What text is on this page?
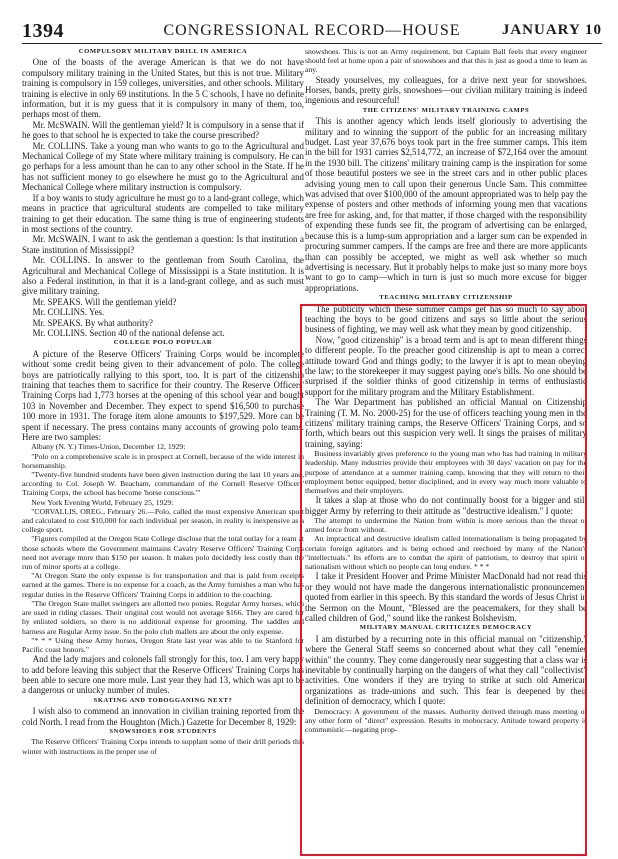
1394	CONGRESSIONAL RECORD—HOUSE	JANUARY 10

COMPULSORY MILITARY DRILL IN AMERICA

One of the boasts of the average American is that we do not have compulsory military training in the United States, but this is not true. Military training is compulsory in 159 colleges, universities, and other schools. Military training is elective in only 69 institutions. In the 5 C schools, I have no definite information, but it is my guess that it is compulsory in many of them, too, perhaps most of them.

Mr. McSWAIN. Will the gentleman yield? It is compulsory in a sense that if he goes to that school he is expected to take the course prescribed?

Mr. COLLINS. Take a young man who wants to go to the Agricultural and Mechanical College of my State where military training is compulsory. He can go perhaps for a less amount than he can to any other school in the State. If he has not sufficient money to go elsewhere he must go to the Agricultural and Mechanical College where military instruction is compulsory.

If a boy wants to study agriculture he must go to a land-grant college, which means in practice that agricultural students are compelled to take military training to get their education. The same thing is true of engineering students in most sections of the country.

Mr. McSWAIN. I want to ask the gentleman a question: Is that institution a State institution of Mississippi?

Mr. COLLINS. In answer to the gentleman from South Carolina, the Agricultural and Mechanical College of Mississippi is a State institution. It is also a Federal institution, in that it is a land-grant college, and as such must give military training.

Mr. SPEAKS. Will the gentleman yield?

Mr. COLLINS. Yes.

Mr. SPEAKS. By what authority?

Mr. COLLINS. Section 40 of the national defense act.

COLLEGE POLO POPULAR

A picture of the Reserve Officers' Training Corps would be incomplete without some credit being given to their advancement of polo. The college boys are patriotically rallying to this sport, too. It is part of the citizenship training that teaches them to sacrifice for their country. The Reserve Officers' Training Corps had 1,773 horses at the opening of this school year and bought 103 in November and December. They expect to spend $16,500 to purchase 100 more in 1931. The forage item alone amounts to $197,529. More can be spent if necessary. The press contains many accounts of growing polo teams. Here are two samples:

Albany (N. Y.) Times-Union, December 12, 1929:

"Polo on a comprehensive scale is in prospect at Cornell, because of the wide interest in horsemanship.

"Twenty-five hundred students have been given instruction during the last 10 years and, according to Col. Joseph W. Beacham, commandant of the Cornell Reserve Officers' Training Corps, the school has become 'horse conscious.'"

New York Evening World, February 25, 1929:

"CORVALLIS, OREG., February 26.—Polo, called the most expensive American sport and calculated to cost $10,000 for each individual per season, in reality is inexpensive as a college sport.

"Figures compiled at the Oregon State College disclose that the total outlay for a team at those schools where the Government maintains Cavalry Reserve Officers' Training Corps need not average more than $150 per season. It makes polo decidedly less costly than the run of minor sports at a college.

"At Oregon State the only expense is for transportation and that is paid from receipts earned at the games. There is no expense for a coach, as the Army furnishes a man who has regular duties in the Reserve Officers' Training Corps in addition to the coaching.

"The Oregon State mallet swingers are allotted two ponies. Regular Army horses, which are used in riding classes. Their original cost would not average $166. They are cared for by enlisted soldiers, so there is no additional expense for grooming. The saddles and harness are Regular Army issue. So the polo club mallets are about the only expense.

"* * * Using these Army horses, Oregon State last year was able to tie Stanford for Pacific coast honors."

And the lady majors and colonels fall strongly for this, too. I am very happy to add before leaving this subject that the Reserve Officers' Training Corps has been able to secure one more mule. Last year they had 13, which was apt to be a dangerous or unlucky number of mules.

SKATING AND TOBOGGANING NEXT?

I wish also to commend an innovation in civilian training reported from the cold North. I read from the Houghton (Mich.) Gazette for December 8, 1929:

SNOWSHOES FOR STUDENTS

The Reserve Officers' Training Corps intends to supplant some of their drill periods this winter with instructions in the proper use of

snowshoes. This is not an Army requirement, but Captain Ball feels that every engineer should feel at home upon a pair of snowshoes and that this is just as good a time to learn as any.

Steady yourselves, my colleagues, for a drive next year for snowshoes. Horses, bands, pretty girls, snowshoes—our civilian military training is indeed ingenious and resourceful!

THE CITIZENS' MILITARY TRAINING CAMPS

This is another agency which lends itself gloriously to advertising the military and to winning the support of the public for an increasing military budget. Last year 37,676 boys took part in the free summer camps. This item in the bill for 1931 carries $2,514,772, an increase of $72,164 over the amount in the 1930 bill. The citizens' military training camp is the inspiration for some of those beautiful posters we see in the street cars and in other public places advising young men to call upon their generous Uncle Sam. This committee was advised that over $100,000 of the amount appropriated was to help pay the expense of posters and other methods of informing young men that vacations are free for asking, and, for that matter, if those charged with the responsibility of expending these funds see fit, the program of advertising can be enlarged, because this is a lump-sum appropriation and a larger sum can be expended in procuring summer campers. If the camps are free and there are more applicants than can possibly be accepted, we might as well ask whether so much advertising is necessary. But it probably helps to make just so many more boys want to go to camp—which in turn is just so much more excuse for bigger appropriations.

TEACHING MILITARY CITIZENSHIP

The publicity which these summer camps get has so much to say about teaching the boys to be good citizens and says so little about the serious business of fighting, we may well ask what they mean by good citizenship.

Now, "good citizenship" is a broad term and is apt to mean different things to different people. To the preacher good citizenship is apt to mean a correct attitude toward God and things godly; to the lawyer it is apt to mean obeying the law; to the storekeeper it may suggest paying one's bills. No one should be surprised if the soldier thinks of good citizenship in terms of enthusiastic support for the military program and the Military Establishment.

The War Department has published an official Manual on Citizenship Training (T. M. No. 2000-25) for the use of officers teaching young men in the citizens' military training camps, the Reserve Officers' Training Corps, and so forth, which bears out this suspicion very well. It sings the praises of military training, saying:

Business invariably gives preference to the young man who has had training in military leadership. Many industries provide their employees with 30 days' vacation on pay for the purpose of attendance at a summer training camp, knowing that they will return to their employment better equipped, better disciplined, and in every way much more valuable to themselves and their employers.

It takes a slap at those who do not continually boost for a bigger and still bigger Army by referring to their attitude as "destructive idealism." I quote:

The attempt to undermine the Nation from within is more serious than the threat of armed force from without.

An impractical and destructive idealism called internationalism is being propagated by certain foreign agitators and is being echoed and reechoed by many of the Nation's "intellectuals." Its efforts are to combat the spirit of patriotism, to destroy that spirit of nationalism without which no people can long endure. * * *

I take it President Hoover and Prime Minister MacDonald had not read this or they would not have made the dangerous internationalistic pronouncement quoted from earlier in this speech. By this standard the words of Jesus Christ in the Sermon on the Mount, "Blessed are the peacemakers, for they shall be called children of God," sound like the rankest Bolshevism.

MILITARY MANUAL CRITICIZES DEMOCRACY

I am disturbed by a recurring note in this official manual on "citizenship," where the General Staff seems so concerned about what they call "enemies within" the country. They come dangerously near suggesting that a class war is inevitable by continually harping on the dangers of what they call "collectivist" activities. One wonders if they are trying to strike at such old American organizations as trade-unions and such. This fear is deepened by their definition of democracy, which I quote:

Democracy: A government of the masses. Authority derived through mass meeting or any other form of "direct" expression. Results in mobocracy. Attitude toward property is communistic—negating prop-
